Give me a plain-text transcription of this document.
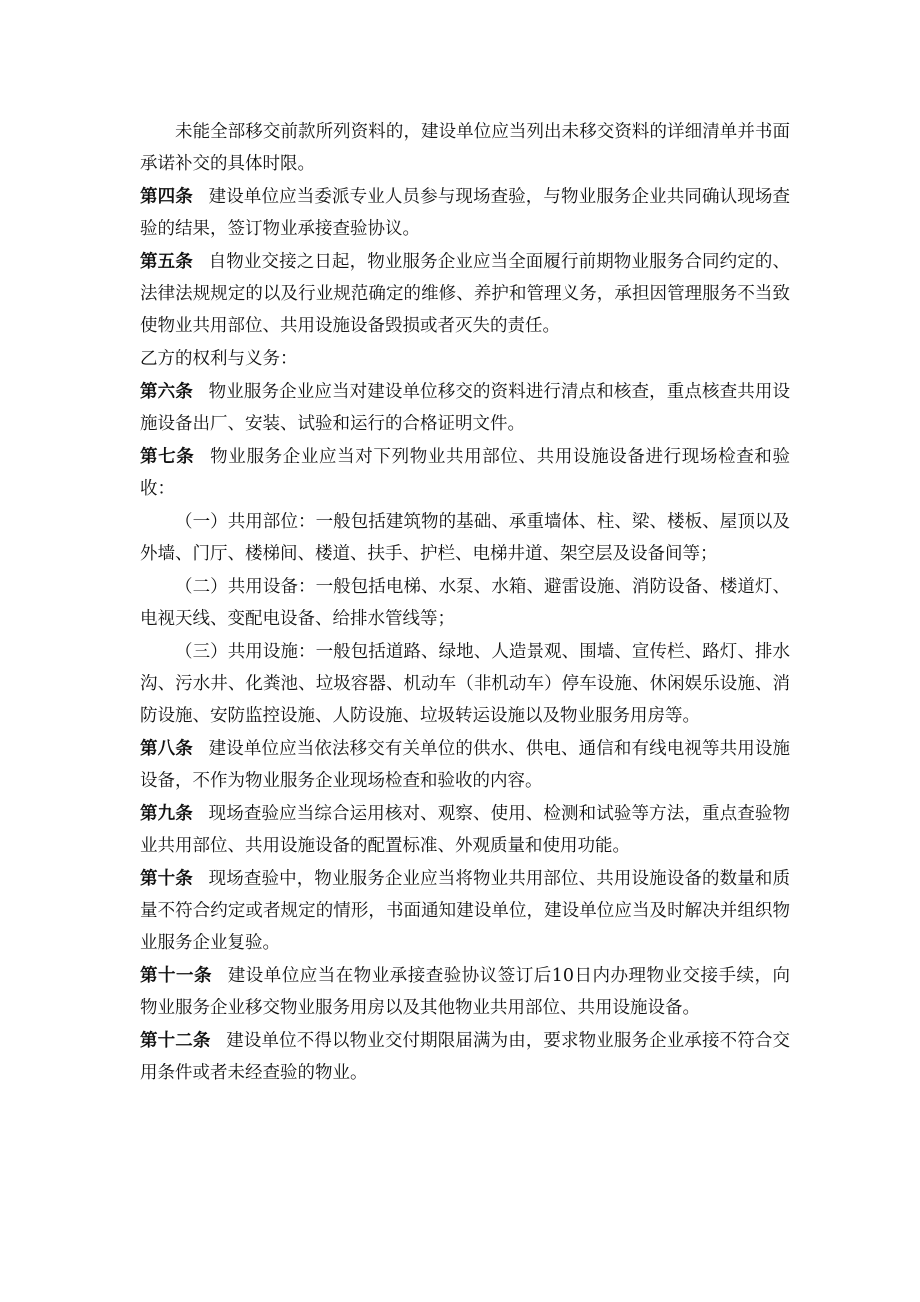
未能全部移交前款所列资料的，建设单位应当列出未移交资料的详细清单并书面承诺补交的具体时限。

第四条 建设单位应当委派专业人员参与现场查验，与物业服务企业共同确认现场查验的结果，签订物业承接查验协议。

第五条 自物业交接之日起，物业服务企业应当全面履行前期物业服务合同约定的、法律法规规定的以及行业规范确定的维修、养护和管理义务，承担因管理服务不当致使物业共用部位、共用设施设备毁损或者灭失的责任。

乙方的权利与义务：

第六条 物业服务企业应当对建设单位移交的资料进行清点和核查，重点核查共用设施设备出厂、安装、试验和运行的合格证明文件。

第七条 物业服务企业应当对下列物业共用部位、共用设施设备进行现场检查和验收：

（一）共用部位：一般包括建筑物的基础、承重墙体、柱、梁、楼板、屋顶以及外墙、门厅、楼梯间、楼道、扶手、护栏、电梯井道、架空层及设备间等；

（二）共用设备：一般包括电梯、水泵、水箱、避雷设施、消防设备、楼道灯、电视天线、变配电设备、给排水管线等；

（三）共用设施：一般包括道路、绿地、人造景观、围墙、宣传栏、路灯、排水沟、污水井、化粪池、垃圾容器、机动车（非机动车）停车设施、休闲娱乐设施、消防设施、安防监控设施、人防设施、垃圾转运设施以及物业服务用房等。

第八条 建设单位应当依法移交有关单位的供水、供电、通信和有线电视等共用设施设备，不作为物业服务企业现场检查和验收的内容。

第九条 现场查验应当综合运用核对、观察、使用、检测和试验等方法，重点查验物业共用部位、共用设施设备的配置标准、外观质量和使用功能。

第十条 现场查验中，物业服务企业应当将物业共用部位、共用设施设备的数量和质量不符合约定或者规定的情形，书面通知建设单位，建设单位应当及时解决并组织物业服务企业复验。

第十一条 建设单位应当在物业承接查验协议签订后10日内办理物业交接手续，向物业服务企业移交物业服务用房以及其他物业共用部位、共用设施设备。

第十二条 建设单位不得以物业交付期限届满为由，要求物业服务企业承接不符合交用条件或者未经查验的物业。
